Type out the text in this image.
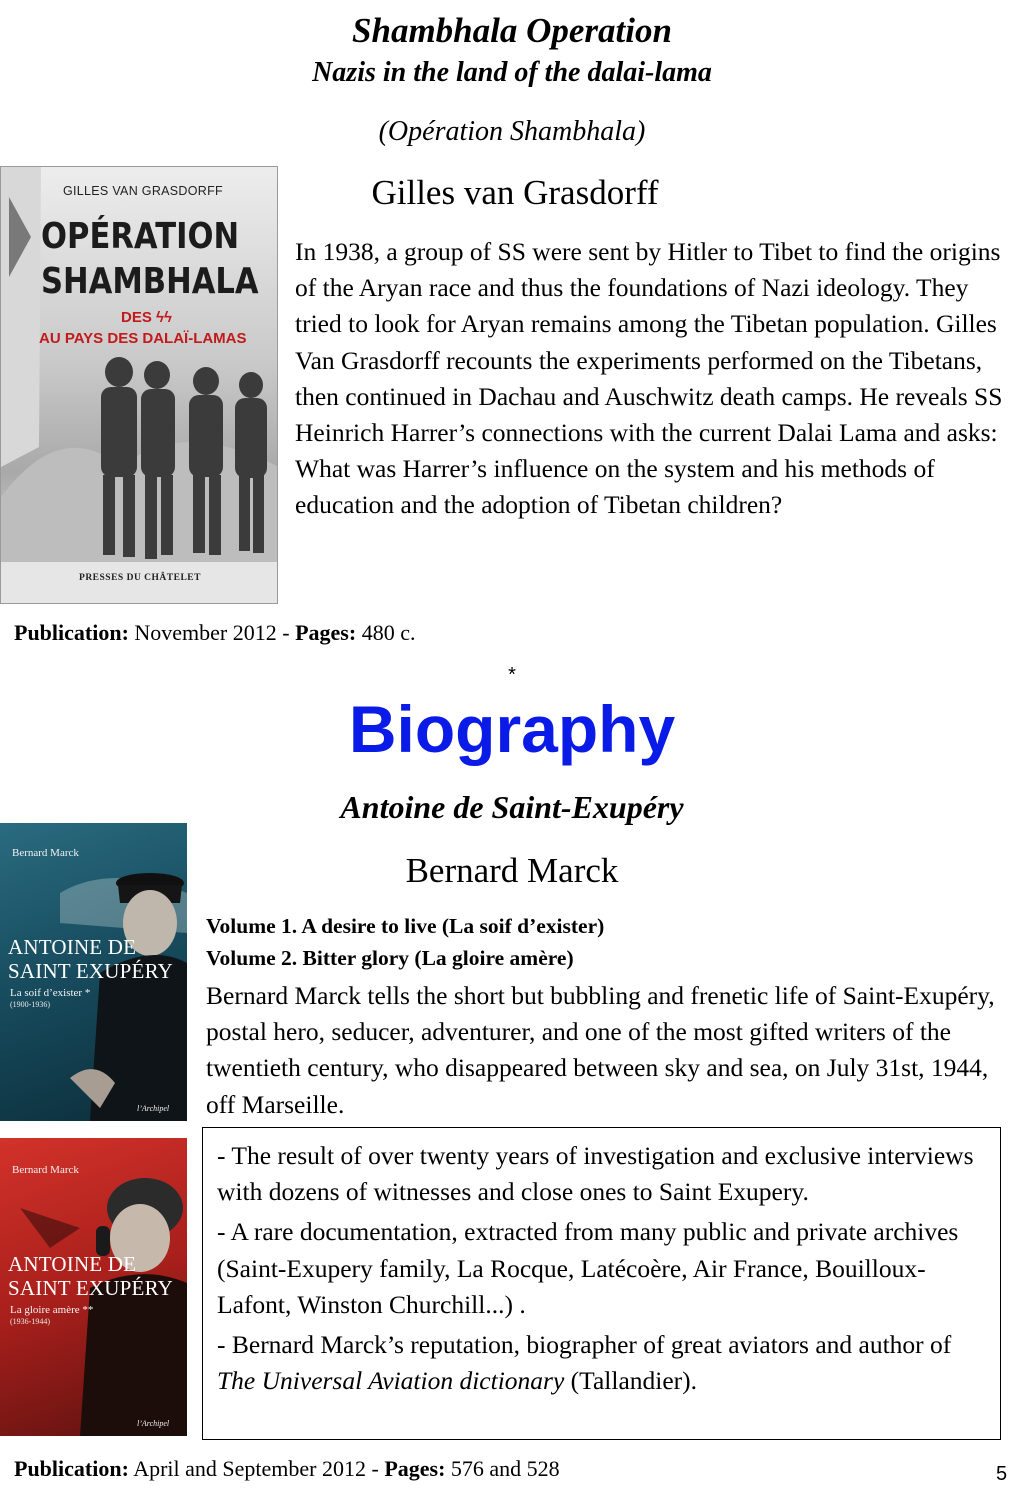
Shambhala Operation
Nazis in the land of the dalai-lama
(Opération Shambhala)
GILLES VAN GRASDORFF
OPÉRATION
SHAMBHALA
DES ϟϟ
AU PAYS DES DALAÏ-LAMAS
PRESSES DU CHÂTELET
Gilles van Grasdorff
In 1938, a group of SS were sent by Hitler to Tibet to find the origins of the Aryan race and thus the foundations of Nazi ideology. They tried to look for Aryan remains among the Tibetan population. Gilles Van Grasdorff recounts the experiments performed on the Tibetans, then continued in Dachau and Auschwitz death camps. He reveals SS Heinrich Harrer’s connections with the current Dalai Lama and asks: What was Harrer’s influence on the system and his methods of education and the adoption of Tibetan children?
Publication: November 2012 - Pages: 480 c.
*
Biography
Antoine de Saint-Exupéry
Bernard Marck
ANTOINE DE
SAINT EXUPÉRY
La soif d’exister *
(1900-1936)
l’Archipel
Bernard Marck
Volume 1. A desire to live (La soif d’exister)
Volume 2. Bitter glory (La gloire amère)
Bernard Marck tells the short but bubbling and frenetic life of Saint-Exupéry, postal hero, seducer, adventurer, and one of the most gifted writers of the twentieth century, who disappeared between sky and sea, on July 31st, 1944, off Marseille.
Bernard Marck
ANTOINE DE
SAINT EXUPÉRY
La gloire amère **
(1936-1944)
l’Archipel

- The result of over twenty years of investigation and exclusive interviews with dozens of witnesses and close ones to Saint Exupery.

- A rare documentation, extracted from many public and private archives (Saint-Exupery family, La Rocque, Latécoère, Air France, Bouilloux-Lafont, Winston Churchill...) .

- Bernard Marck’s reputation, biographer of great aviators and author of The Universal Aviation dictionary (Tallandier).

Publication: April and September 2012 - Pages: 576 and 528	5
